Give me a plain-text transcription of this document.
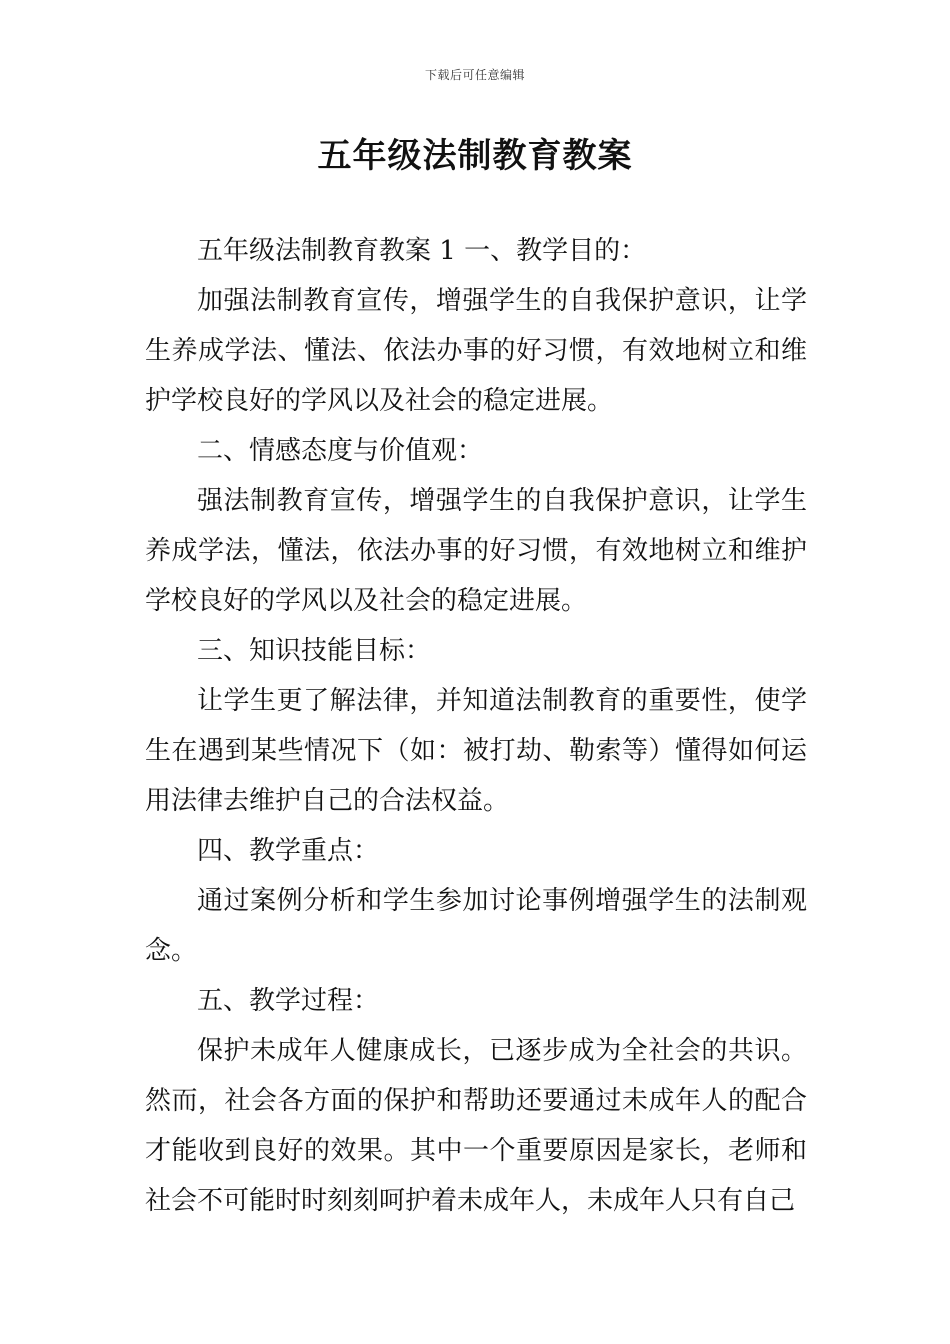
下载后可任意编辑
五年级法制教育教案

五年级法制教育教案 1 一、教学目的：

加强法制教育宣传，增强学生的自我保护意识，让学生养成学法、懂法、依法办事的好习惯，有效地树立和维护学校良好的学风以及社会的稳定进展。

二、情感态度与价值观：

强法制教育宣传，增强学生的自我保护意识，让学生养成学法，懂法，依法办事的好习惯，有效地树立和维护学校良好的学风以及社会的稳定进展。

三、知识技能目标：

让学生更了解法律，并知道法制教育的重要性，使学生在遇到某些情况下（如：被打劫、勒索等）懂得如何运用法律去维护自己的合法权益。

四、教学重点：

通过案例分析和学生参加讨论事例增强学生的法制观念。

五、教学过程：

保护未成年人健康成长，已逐步成为全社会的共识。然而，社会各方面的保护和帮助还要通过未成年人的配合才能收到良好的效果。其中一个重要原因是家长，老师和社会不可能时时刻刻呵护着未成年人，未成年人只有自己
